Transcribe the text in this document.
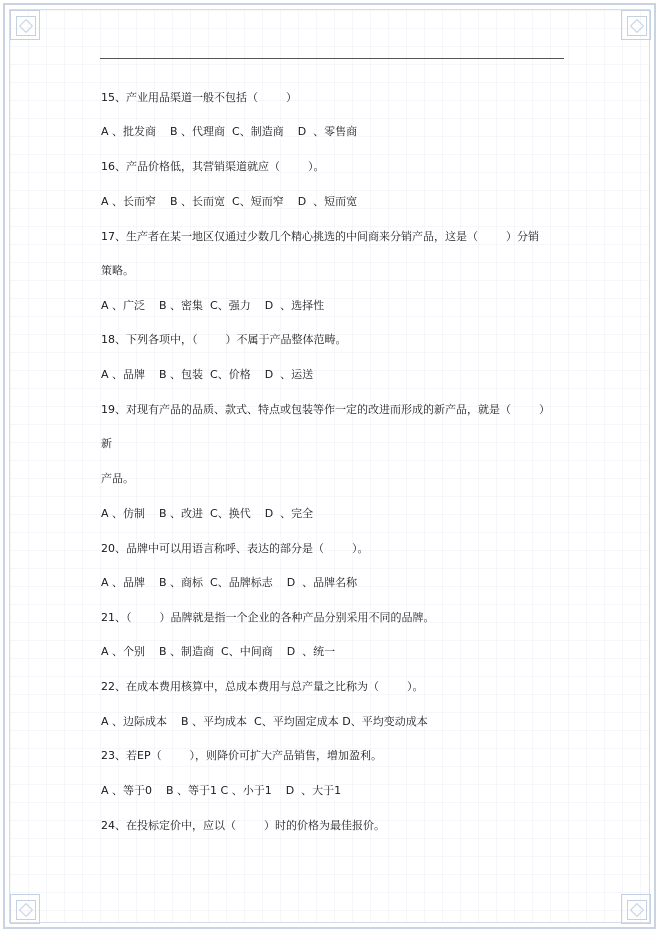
15、产业用品渠道一般不包括（        ）

A 、批发商    B 、代理商  C、制造商    D  、零售商

16、产品价格低，其营销渠道就应（        ）。

A 、长而窄    B 、长而宽  C、短而窄    D  、短而宽

17、生产者在某一地区仅通过少数几个精心挑选的中间商来分销产品，这是（        ）分销

策略。

A 、广泛    B 、密集  C、强力    D  、选择性

18、下列各项中，（        ）不属于产品整体范畴。

A 、品牌    B 、包装  C、价格    D  、运送

19、对现有产品的品质、款式、特点或包装等作一定的改进而形成的新产品，就是（        ）

新

产品。

A 、仿制    B 、改进  C、换代    D  、完全

20、品牌中可以用语言称呼、表达的部分是（        ）。

A 、品牌    B 、商标  C、品牌标志    D  、品牌名称

21、（        ）品牌就是指一个企业的各种产品分别采用不同的品牌。

A 、个别    B 、制造商  C、中间商    D  、统一

22、在成本费用核算中，总成本费用与总产量之比称为（        ）。

A 、边际成本    B 、平均成本  C、平均固定成本 D、平均变动成本

23、若EP（        ），则降价可扩大产品销售，增加盈利。

A 、等于0    B 、等于1 C 、小于1    D  、大于1

24、在投标定价中，应以（        ）时的价格为最佳报价。
